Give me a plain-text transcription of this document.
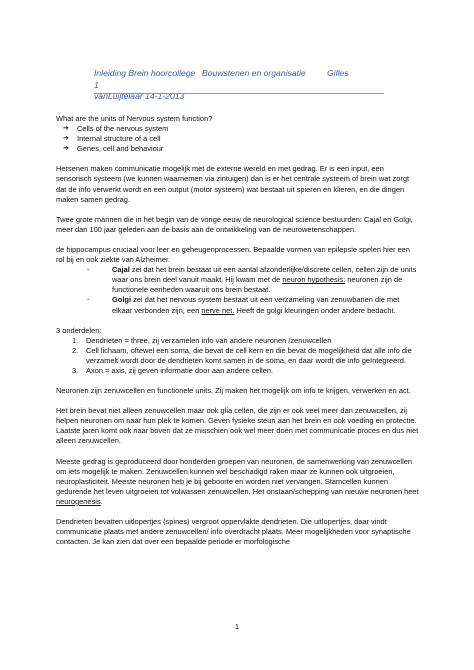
Inleiding Brein hoorcollege 1
Bouwstenen en organisatie	Gilles
vanLuijtelaar 14-1-2013
What are the units of Nervous system function?
➔ Cells of the nervous system
➔ Internal structure of a cell
➔ Genes, cell and behaviour

Hersenen maken communicatie mogelijk met de externe wereld en met gedrag. Er is een input, een sensorisch systeem (we kunnen waarnemen via zintuigen) dan is er het centrale systeem of brein wat zorgt dat de info verwerkt wordt en een output (motor systeem) wat bestaat uit spieren en klieren, en die dingen maken samen gedrag.

Twee grote mannen die in het begin van de vorige eeuw de neurological science bestuurden: Cajal en Golgi, meer dan 100 jaar geleden aan de basis aan de ontwikkeling van de neurowetenschappen.

de hippocampus cruciaal voor leer en geheugenprocessen. Bepaalde vormen van epilepsie spelen hier een rol bij en ook ziekte van Alzheimer.
- Cajal zei dat het brein bestaat uit een aantal afzonderlijke/discrete cellen, cellen zijn de units waar ons brein deel vanuit maakt. Hij kwam met de neuron hypothesis: neuronen zijn de functionele eenheden waaruit ons brein bestaat.
- Golgi zei dat het nervous system bestaat uit een verzameling van zenuwbanen die met elkaar verbonden zijn, een nerve net. Heeft de golgi kleuringen onder andere bedacht.
3 onderdelen:
1. Dendrieten = three, zij verzamelen info van andere neuronen /zenuwcellen
2. Cell lichaam, oftewel een soma, die bevat de cell kern en die bevat de mogelijkheid dat alle info die verzamelt wordt door de dendrieten komt samen in de soma, en daar wordt die info geïntegreerd.
3. Axon = axis, zij geven informatie door aan andere cellen.

Neuronen zijn zenuwcellen en functionele units. Zij maken het mogelijk om info te krijgen, verwerken en act.

Het brein bevat niet alleen zenuwcellen maar ook glia cellen, die zijn er ook veel meer dan zenuwcellen, zij helpen neuronen om naar hun plek te komen. Geven fysieke steun aan het brein en ook voeding en protectie. Laatste jaren komt ook naar boven dat ze misschien ook wel meer doen met communicatie proces en dus niet alleen zenuwcellen.

Meeste gedrag is geproduceerd door honderden groepen van neuronen, de samenwerking van zenuwcellen om iets mogelijk te maken. Zenuwcellen kunnen wel beschadigd raken maar ze kunnen ook uitgroeien, neuroplasticiteit. Meeste neuronen heb je bij geboorte en worden niet vervangen. Stamcellen kunnen gedurende het leven uitgroeien tot volwassen zenuwcellen. Het onstaan/schepping van nieuwe neuronen heet neurogenesis.

Dendrieten bevatten uitlopertjes (spines) vergroot oppervlakte dendrieten. Die uitlopertjes, daar vindt communicatie plaats met andere zenuwcellen/ info overdracht plaats. Meer mogelijkheden voor synaptische contacten. Je kan zien dat over een bepaalde periode er morfologische

1
